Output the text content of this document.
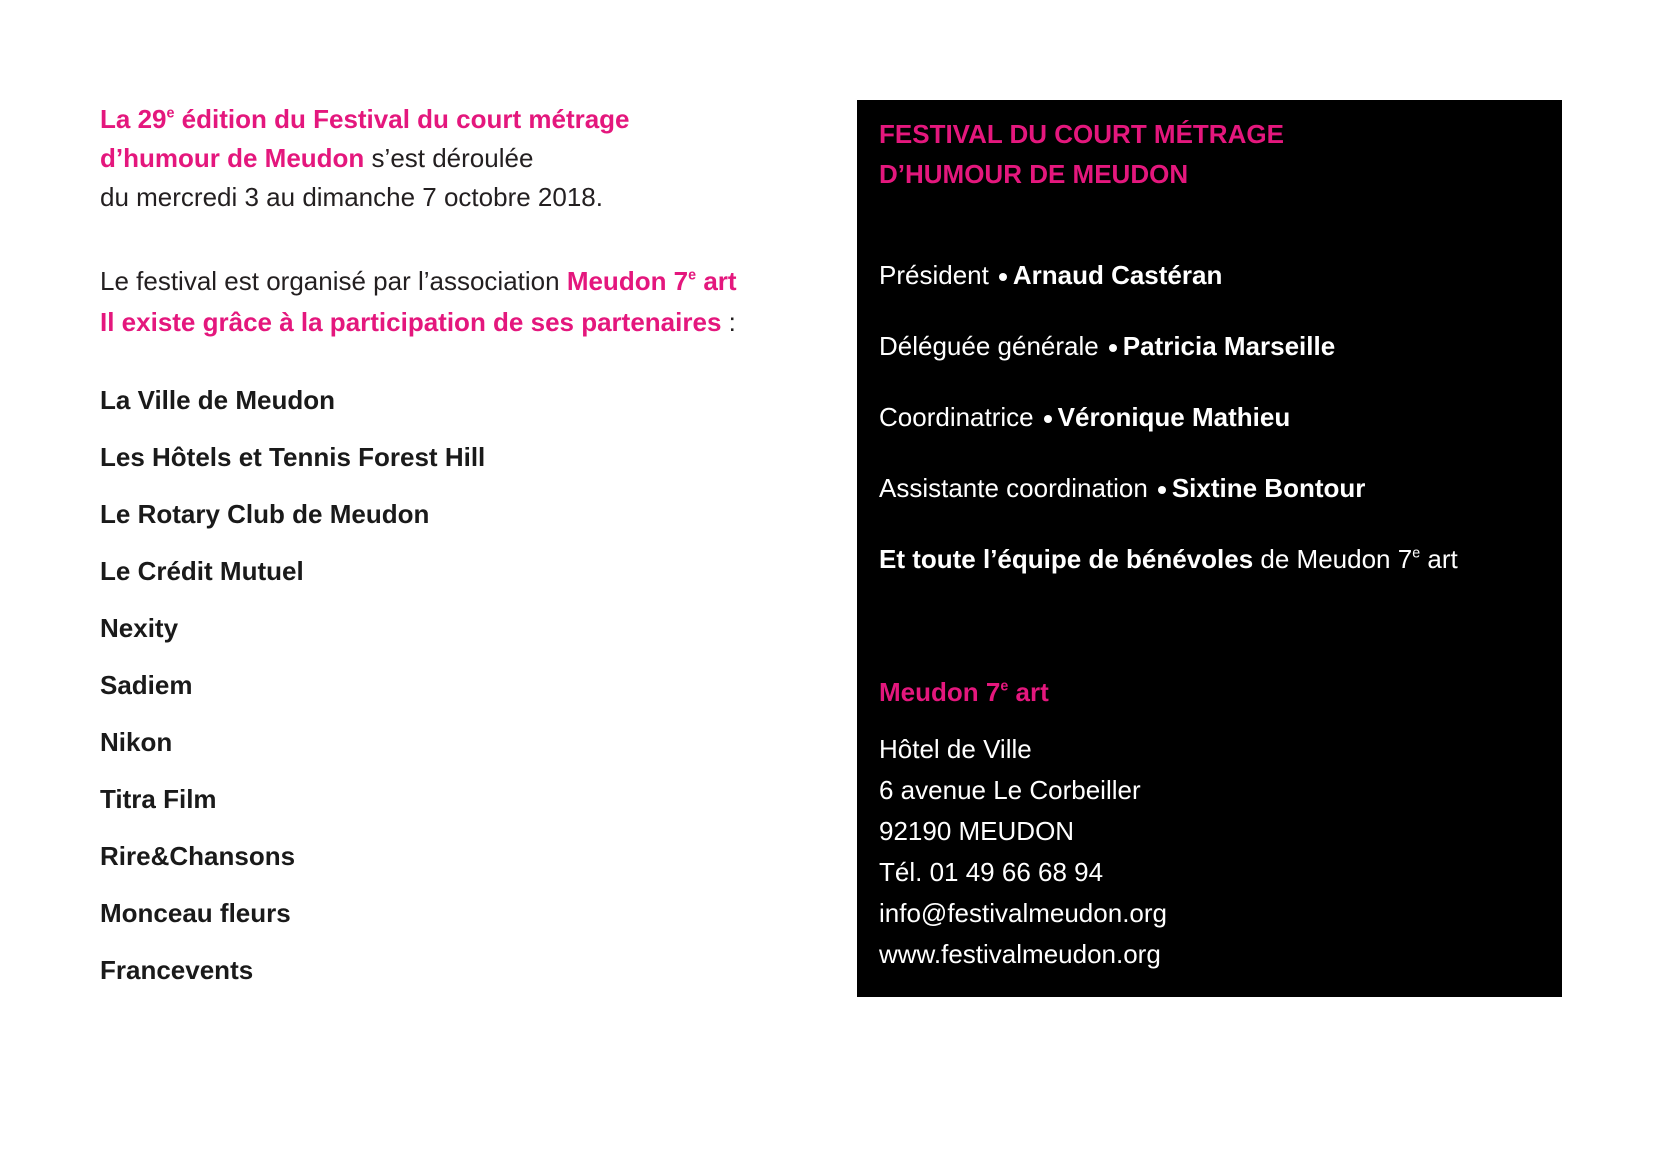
La 29e édition du Festival du court métrage
d’humour de Meudon s’est déroulée
du mercredi 3 au dimanche 7 octobre 2018.

Le festival est organisé par l’association Meudon 7e art
Il existe grâce à la participation de ses partenaires :

La Ville de Meudon
Les Hôtels et Tennis Forest Hill
Le Rotary Club de Meudon
Le Crédit Mutuel
Nexity
Sadiem
Nikon
Titra Film
Rire&Chansons
Monceau fleurs
Francevents

FESTIVAL DU COURT MÉTRAGE
D’HUMOUR DE MEUDON

Président Arnaud Castéran
Déléguée générale Patricia Marseille
Coordinatrice Véronique Mathieu
Assistante coordination Sixtine Bontour
Et toute l’équipe de bénévoles de Meudon 7e art
Meudon 7e art
Hôtel de Ville
6 avenue Le Corbeiller
92190 MEUDON
Tél. 01 49 66 68 94
info@festivalmeudon.org
www.festivalmeudon.org
